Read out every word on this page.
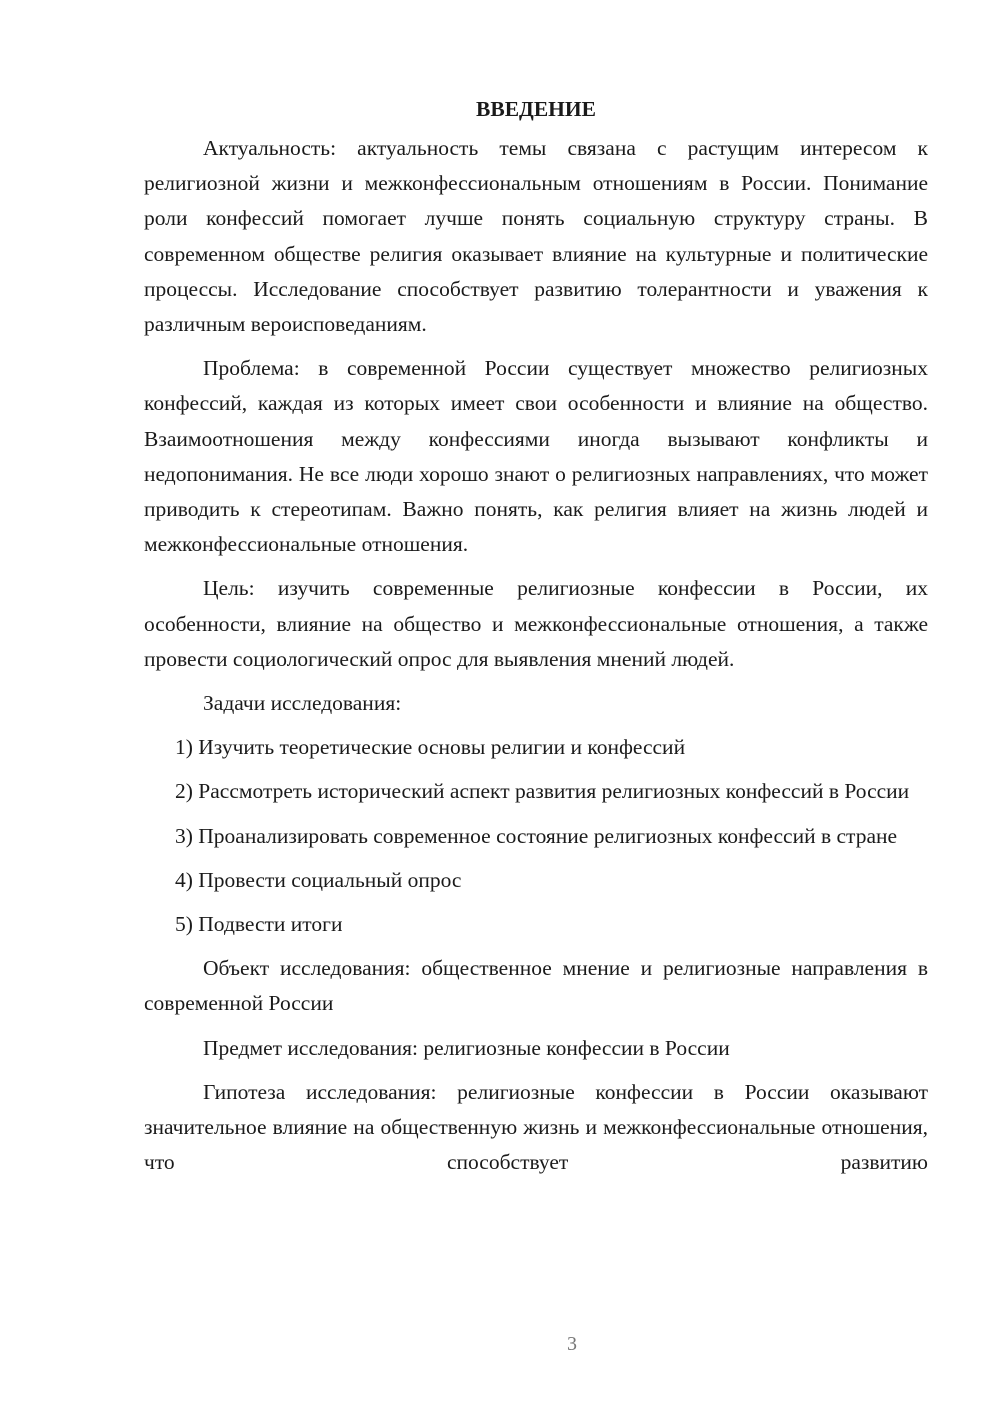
ВВЕДЕНИЕ

Актуальность: актуальность темы связана с растущим интересом к религиозной жизни и межконфессиональным отношениям в России. Понимание роли конфессий помогает лучше понять социальную структуру страны. В современном обществе религия оказывает влияние на культурные и политические процессы. Исследование способствует развитию толерантности и уважения к различным вероисповеданиям.

Проблема: в современной России существует множество религиозных конфессий, каждая из которых имеет свои особенности и влияние на общество. Взаимоотношения между конфессиями иногда вызывают конфликты и недопонимания. Не все люди хорошо знают о религиозных направлениях, что может приводить к стереотипам. Важно понять, как религия влияет на жизнь людей и межконфессиональные отношения.

Цель: изучить современные религиозные конфессии в России, их особенности, влияние на общество и межконфессиональные отношения, а также провести социологический опрос для выявления мнений людей.

Задачи исследования:

1) Изучить теоретические основы религии и конфессий

2) Рассмотреть исторический аспект развития религиозных конфессий в России

3) Проанализировать современное состояние религиозных конфессий в стране

4) Провести социальный опрос

5) Подвести итоги

Объект исследования: общественное мнение и религиозные направления в современной России

Предмет исследования: религиозные конфессии в России

Гипотеза исследования: религиозные конфессии в России оказывают значительное влияние на общественную жизнь и межконфессиональные отношения, что способствует развитию

3
